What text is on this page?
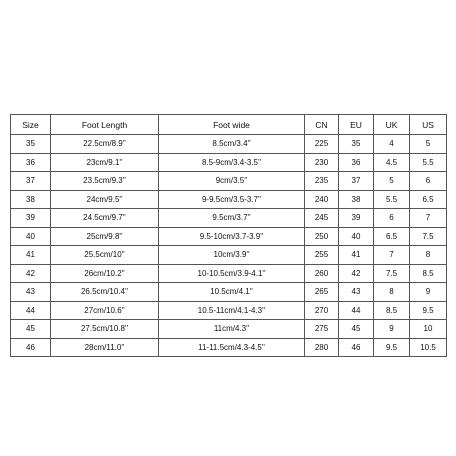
Size	Foot Length	Foot wide	CN	EU	UK	US
35	22.5cm/8.9''	8.5cm/3.4''	225	35	4	5
36	23cm/9.1''	8.5-9cm/3.4-3.5''	230	36	4.5	5.5
37	23.5cm/9.3''	9cm/3.5''	235	37	5	6
38	24cm/9.5''	9-9.5cm/3.5-3.7''	240	38	5.5	6.5
39	24.5cm/9.7''	9.5cm/3.7''	245	39	6	7
40	25cm/9.8''	9.5-10cm/3.7-3.9''	250	40	6.5	7.5
41	25.5cm/10''	10cm/3.9''	255	41	7	8
42	26cm/10.2''	10-10.5cm/3.9-4.1''	260	42	7.5	8.5
43	26.5cm/10.4''	10.5cm/4.1''	265	43	8	9
44	27cm/10.6''	10.5-11cm/4.1-4.3''	270	44	8.5	9.5
45	27.5cm/10.8''	11cm/4.3''	275	45	9	10
46	28cm/11.0''	11-11.5cm/4.3-4.5''	280	46	9.5	10.5
